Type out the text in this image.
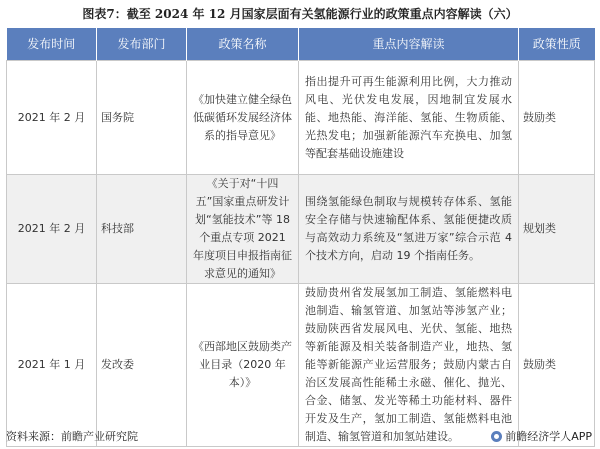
图表7：截至 2024 年 12 月国家层面有关氢能源行业的政策重点内容解读（六）
发布时间	发布部门	政策名称	重点内容解读	政策性质
2021 年 2 月	国务院	《加快建立健全绿色低碳循环发展经济体系的指导意见》	指出提升可再生能源利用比例，大力推动风电、光伏发电发展，因地制宜发展水能、地热能、海洋能、氢能、生物质能、光热发电；加强新能源汽车充换电、加氢等配套基础设施建设	鼓励类
2021 年 2 月	科技部	《关于对“十四五”国家重点研发计划“氢能技术”等 18 个重点专项 2021 年度项目申报指南征求意见的通知》	围绕氢能绿色制取与规模转存体系、氢能安全存储与快速输配体系、氢能便捷改质与高效动力系统及“氢进万家”综合示范 4 个技术方向，启动 19 个指南任务。	规划类
2021 年 1 月	发改委	《西部地区鼓励类产业目录（2020 年本）》	鼓励贵州省发展氢加工制造、氢能燃料电池制造、输氢管道、加氢站等涉氢产业；鼓励陕西省发展风电、光伏、氢能、地热等新能源及相关装备制造产业，地热、氢能等新能源产业运营服务；鼓励内蒙古自治区发展高性能稀土永磁、催化、抛光、合金、储氢、发光等稀土功能材料、器件开发及生产，氢加工制造、氢能燃料电池制造、输氢管道和加氢站建设。	鼓励类
资料来源：前瞻产业研究院	前瞻经济学人APP
